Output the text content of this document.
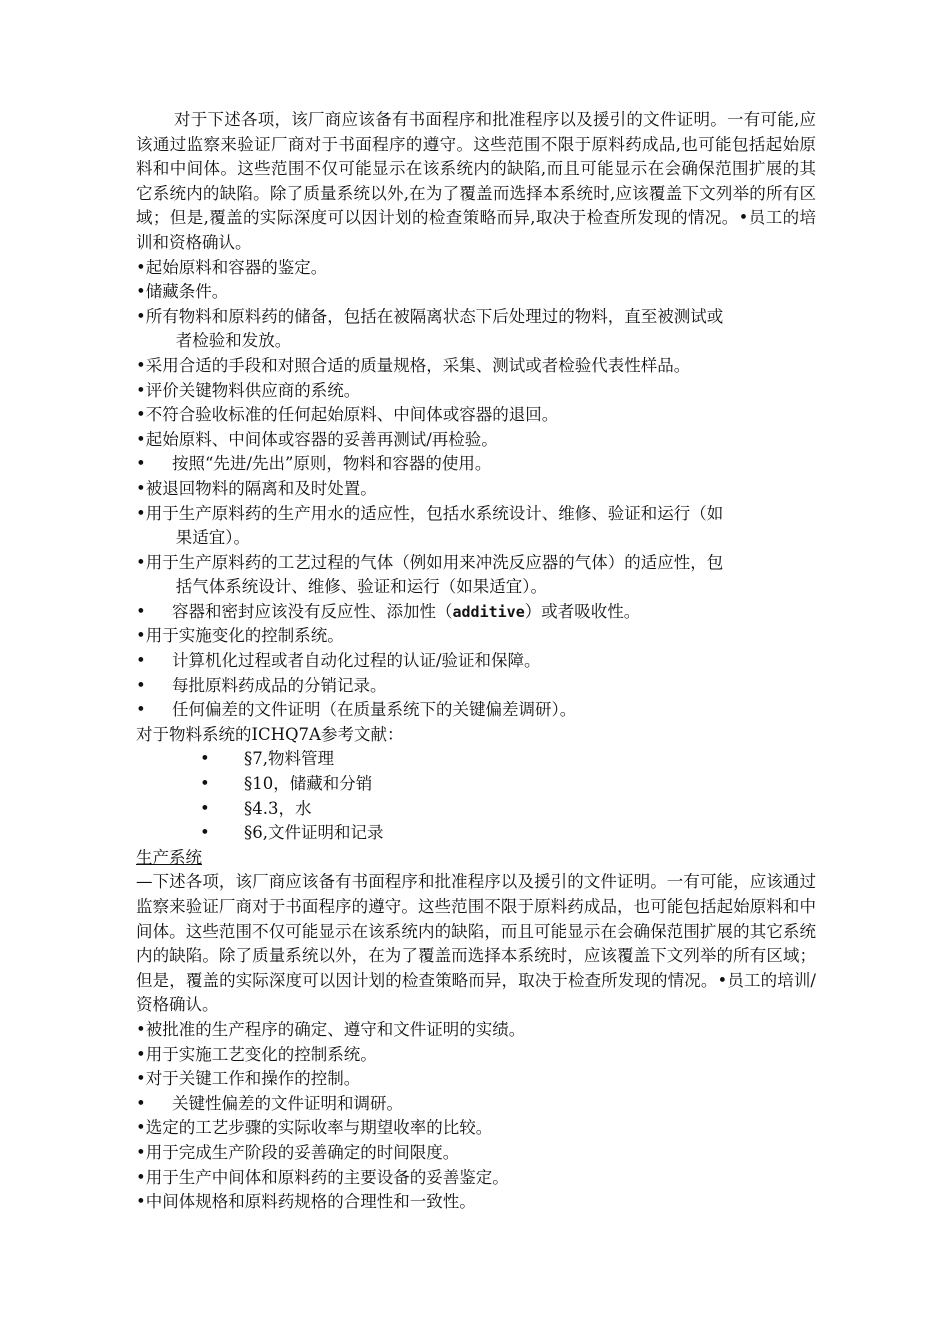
对于下述各项，该厂商应该备有书面程序和批准程序以及援引的文件证明。一有可能,应该通过监察来验证厂商对于书面程序的遵守。这些范围不限于原料药成品,也可能包括起始原料和中间体。这些范围不仅可能显示在该系统内的缺陷,而且可能显示在会确保范围扩展的其它系统内的缺陷。除了质量系统以外,在为了覆盖而选择本系统时,应该覆盖下文列举的所有区域；但是,覆盖的实际深度可以因计划的检查策略而异,取决于检查所发现的情况。•员工的培训和资格确认。

• 起始原料和容器的鉴定。

• 储藏条件。

• 所有物料和原料药的储备，包括在被隔离状态下后处理过的物料，直至被测试或
者检验和发放。

• 采用合适的手段和对照合适的质量规格，采集、测试或者检验代表性样品。

• 评价关键物料供应商的系统。

• 不符合验收标准的任何起始原料、中间体或容器的退回。

• 起始原料、中间体或容器的妥善再测试/再检验。

•	按照“先进/先出”原则，物料和容器的使用。

• 被退回物料的隔离和及时处置。

• 用于生产原料药的生产用水的适应性，包括水系统设计、维修、验证和运行（如
果适宜）。

• 用于生产原料药的工艺过程的气体（例如用来冲洗反应器的气体）的适应性，包
括气体系统设计、维修、验证和运行（如果适宜）。

•	容器和密封应该没有反应性、添加性（additive）或者吸收性。

• 用于实施变化的控制系统。

•	计算机化过程或者自动化过程的认证/验证和保障。

•	每批原料药成品的分销记录。

•	任何偏差的文件证明（在质量系统下的关键偏差调研）。

对于物料系统的ICHQ7A参考文献：

•	§7,物料管理

•	§10，储藏和分销

•	§4.3，水

•	§6,文件证明和记录

生产系统

—下述各项，该厂商应该备有书面程序和批准程序以及援引的文件证明。一有可能，应该通过监察来验证厂商对于书面程序的遵守。这些范围不限于原料药成品，也可能包括起始原料和中间体。这些范围不仅可能显示在该系统内的缺陷，而且可能显示在会确保范围扩展的其它系统内的缺陷。除了质量系统以外，在为了覆盖而选择本系统时，应该覆盖下文列举的所有区域；但是，覆盖的实际深度可以因计划的检查策略而异，取决于检查所发现的情况。•员工的培训/资格确认。

• 被批准的生产程序的确定、遵守和文件证明的实绩。

• 用于实施工艺变化的控制系统。

• 对于关键工作和操作的控制。

•	关键性偏差的文件证明和调研。

• 选定的工艺步骤的实际收率与期望收率的比较。

• 用于完成生产阶段的妥善确定的时间限度。

• 用于生产中间体和原料药的主要设备的妥善鉴定。

• 中间体规格和原料药规格的合理性和一致性。
